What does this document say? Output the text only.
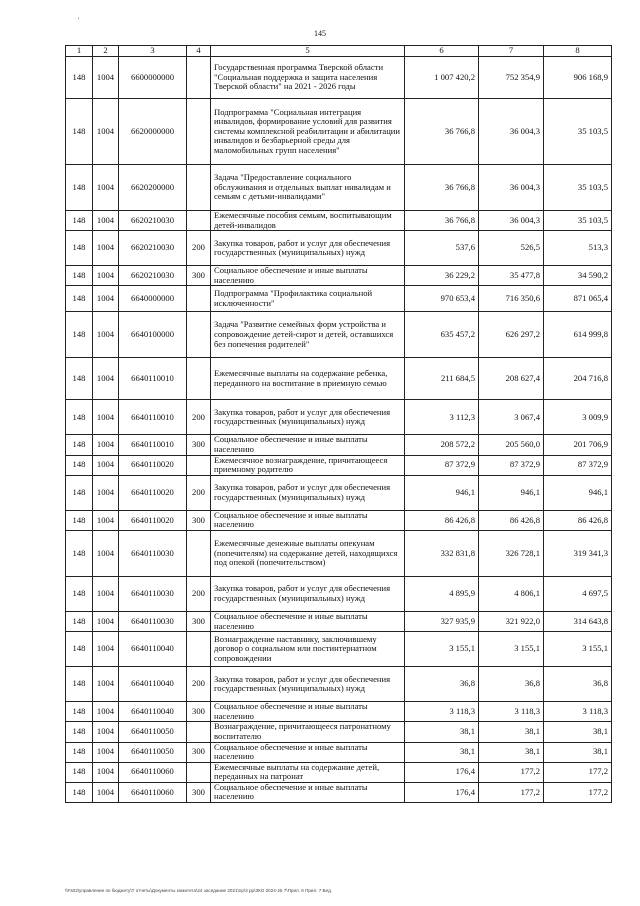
'
145
1	2	3	4	5	6	7	8
148	1004	6600000000		Государственная программа Тверской области "Социальная поддержка и защита населения Тверской области" на 2021 - 2026 годы	1 007 420,2	752 354,9	906 168,9
148	1004	6620000000		Подпрограмма "Социальная интеграция инвалидов, формирование условий для развития системы комплексной реабилитации и абилитации инвалидов и безбарьерной среды для маломобильных групп населения"	36 766,8	36 004,3	35 103,5
148	1004	6620200000		Задача "Предоставление социального обслуживания и отдельных выплат инвалидам и семьям с детьми-инвалидами"	36 766,8	36 004,3	35 103,5
148	1004	6620210030		Ежемесячные пособия семьям, воспитывающим детей-инвалидов	36 766,8	36 004,3	35 103,5
148	1004	6620210030	200	Закупка товаров, работ и услуг для обеспечения государственных (муниципальных) нужд	537,6	526,5	513,3
148	1004	6620210030	300	Социальное обеспечение и иные выплаты населению	36 229,2	35 477,8	34 590,2
148	1004	6640000000		Подпрограмма "Профилактика социальной исключенности"	970 653,4	716 350,6	871 065,4
148	1004	6640100000		Задача "Развитие семейных форм устройства и сопровождение детей-сирот и детей, оставшихся без попечения родителей"	635 457,2	626 297,2	614 999,8
148	1004	6640110010		Ежемесячные выплаты на содержание ребенка, переданного на воспитание в приемную семью	211 684,5	208 627,4	204 716,8
148	1004	6640110010	200	Закупка товаров, работ и услуг для обеспечения государственных (муниципальных) нужд	3 112,3	3 067,4	3 009,9
148	1004	6640110010	300	Социальное обеспечение и иные выплаты населению	208 572,2	205 560,0	201 706,9
148	1004	6640110020		Ежемесячное вознаграждение, причитающееся приемному родителю	87 372,9	87 372,9	87 372,9
148	1004	6640110020	200	Закупка товаров, работ и услуг для обеспечения государственных (муниципальных) нужд	946,1	946,1	946,1
148	1004	6640110020	300	Социальное обеспечение и иные выплаты населению	86 426,8	86 426,8	86 426,8
148	1004	6640110030		Ежемесячные денежные выплаты опекунам (попечителям) на содержание детей, находящихся под опекой (попечительством)	332 831,8	326 728,1	319 341,3
148	1004	6640110030	200	Закупка товаров, работ и услуг для обеспечения государственных (муниципальных) нужд	4 895,9	4 806,1	4 697,5
148	1004	6640110030	300	Социальное обеспечение и иные выплаты населению	327 935,9	321 922,0	314 643,8
148	1004	6640110040		Вознаграждение наставнику, заключившему договор о социальном или постинтернатном сопровождении	3 155,1	3 155,1	3 155,1
148	1004	6640110040	200	Закупка товаров, работ и услуг для обеспечения государственных (муниципальных) нужд	36,8	36,8	36,8
148	1004	6640110040	300	Социальное обеспечение и иные выплаты населению	3 118,3	3 118,3	3 118,3
148	1004	6640110050		Вознаграждение, причитающееся патронатному воспитателю	38,1	38,1	38,1
148	1004	6640110050	300	Социальное обеспечение и иные выплаты населению	38,1	38,1	38,1
148	1004	6640110060		Ежемесячные выплаты на содержание детей, переданных на патронат	176,4	177,2	177,2
148	1004	6640110060	300	Социальное обеспечение и иные выплаты населению	176,4	177,2	177,2
\\Fs02\управление по бюджету\Т отчеты\Документы комитета\24 заседание 2021\пр\3 рр\ЗКО 2024-25 7\Прил. 6 Прил. 7 Вед.
